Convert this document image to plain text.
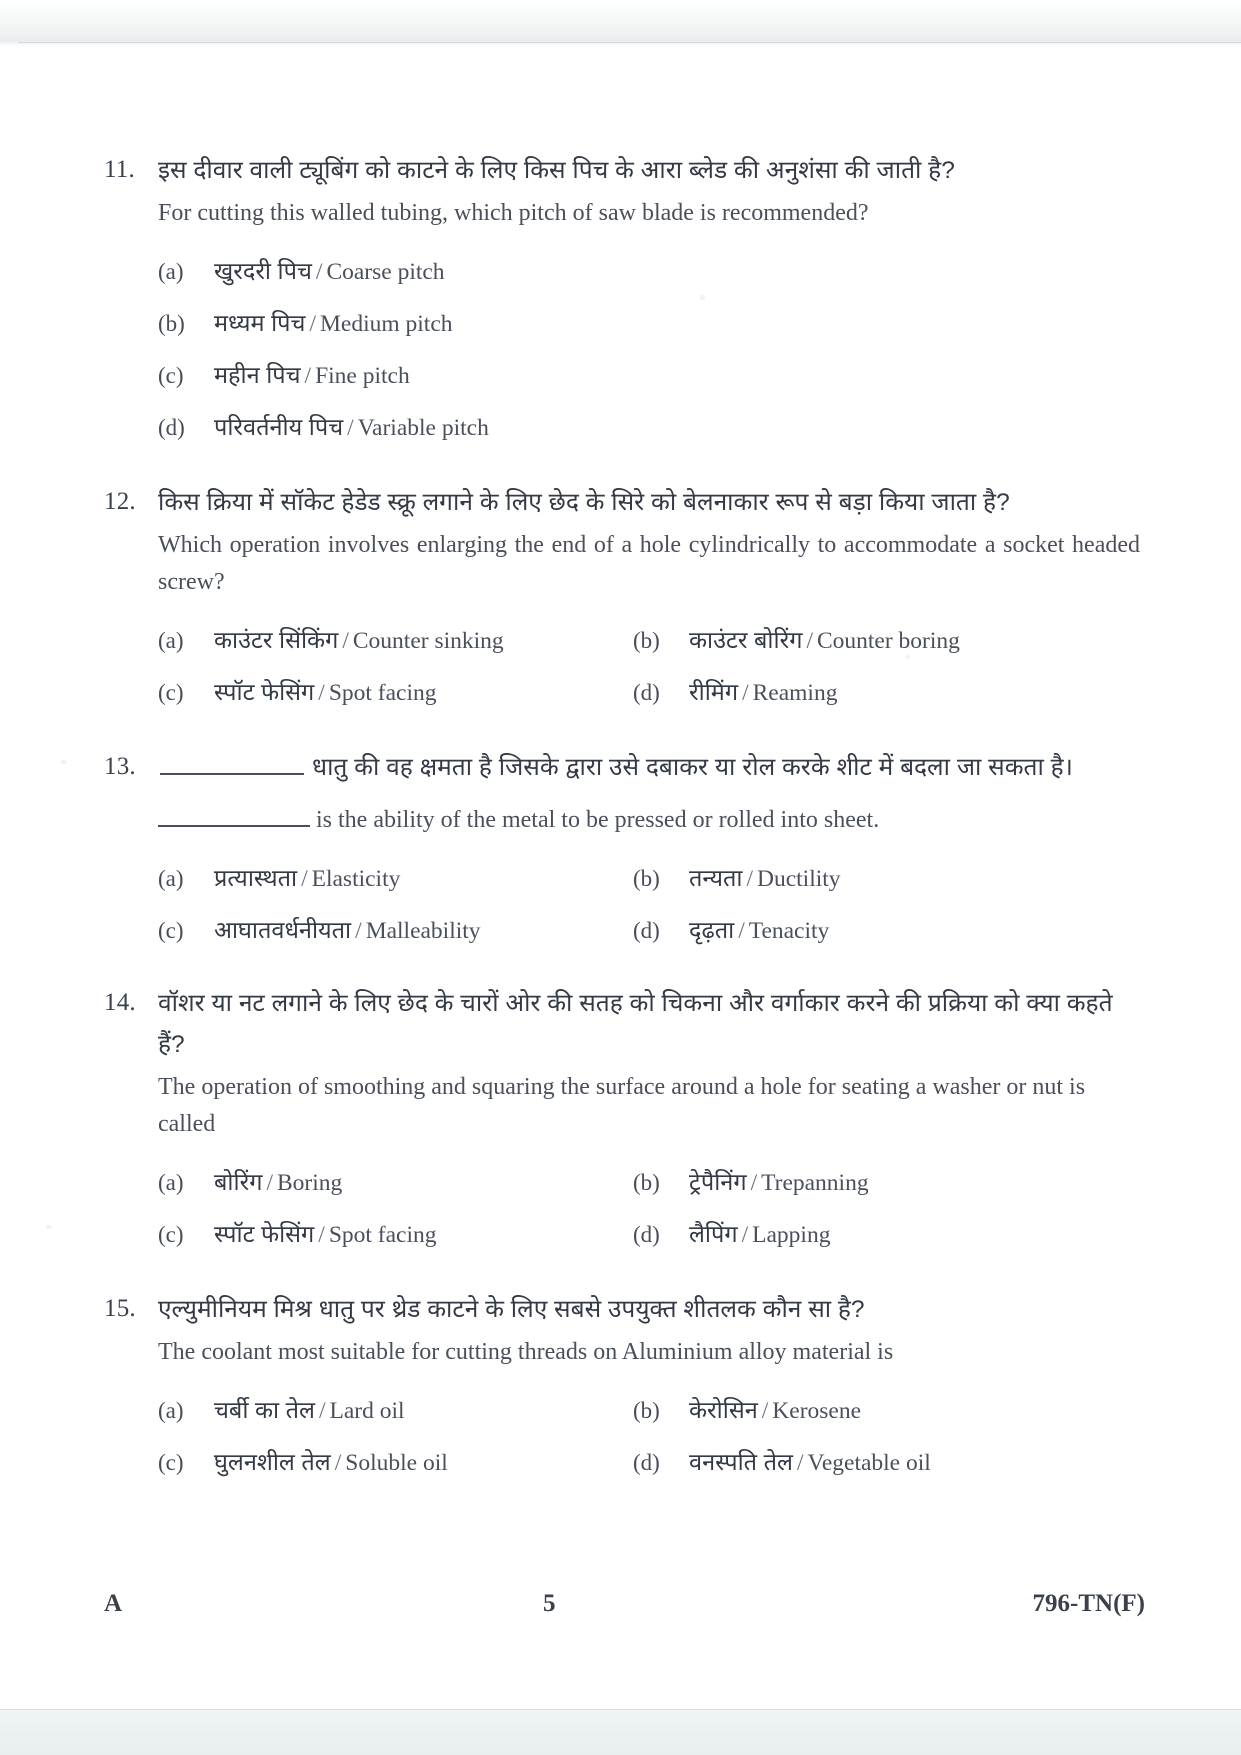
11. इस दीवार वाली ट्यूबिंग को काटने के लिए किस पिच के आरा ब्लेड की अनुशंसा की जाती है?

For cutting this walled tubing, which pitch of saw blade is recommended?

(a)	खुरदरी पिच / Coarse pitch
(b)	मध्यम पिच / Medium pitch
(c)	महीन पिच / Fine pitch
(d)	परिवर्तनीय पिच / Variable pitch
12. किस क्रिया में सॉकेट हेडेड स्क्रू लगाने के लिए छेद के सिरे को बेलनाकार रूप से बड़ा किया जाता है?

Which operation involves enlarging the end of a hole cylindrically to accommodate a socket headed screw?

(a)	काउंटर सिंकिंग / Counter sinking	(b)	काउंटर बोरिंग / Counter boring
(c)	स्पॉट फेसिंग / Spot facing	(d)	रीमिंग / Reaming
13.	धातु की वह क्षमता है जिसके द्वारा उसे दबाकर या रोल करके शीट में बदला जा सकता है।

is the ability of the metal to be pressed or rolled into sheet.

(a)	प्रत्यास्थता / Elasticity	(b)	तन्यता / Ductility
(c)	आघातवर्धनीयता / Malleability	(d)	दृढ़ता / Tenacity
14. वॉशर या नट लगाने के लिए छेद के चारों ओर की सतह को चिकना और वर्गाकार करने की प्रक्रिया को क्या कहते हैं?

The operation of smoothing and squaring the surface around a hole for seating a washer or nut is called

(a)	बोरिंग / Boring	(b)	ट्रेपैनिंग / Trepanning
(c)	स्पॉट फेसिंग / Spot facing	(d)	लैपिंग / Lapping
15. एल्युमीनियम मिश्र धातु पर थ्रेड काटने के लिए सबसे उपयुक्त शीतलक कौन सा है?

The coolant most suitable for cutting threads on Aluminium alloy material is

(a)	चर्बी का तेल / Lard oil	(b)	केरोसिन / Kerosene
(c)	घुलनशील तेल / Soluble oil	(d)	वनस्पति तेल / Vegetable oil
A	5	796-TN(F)
